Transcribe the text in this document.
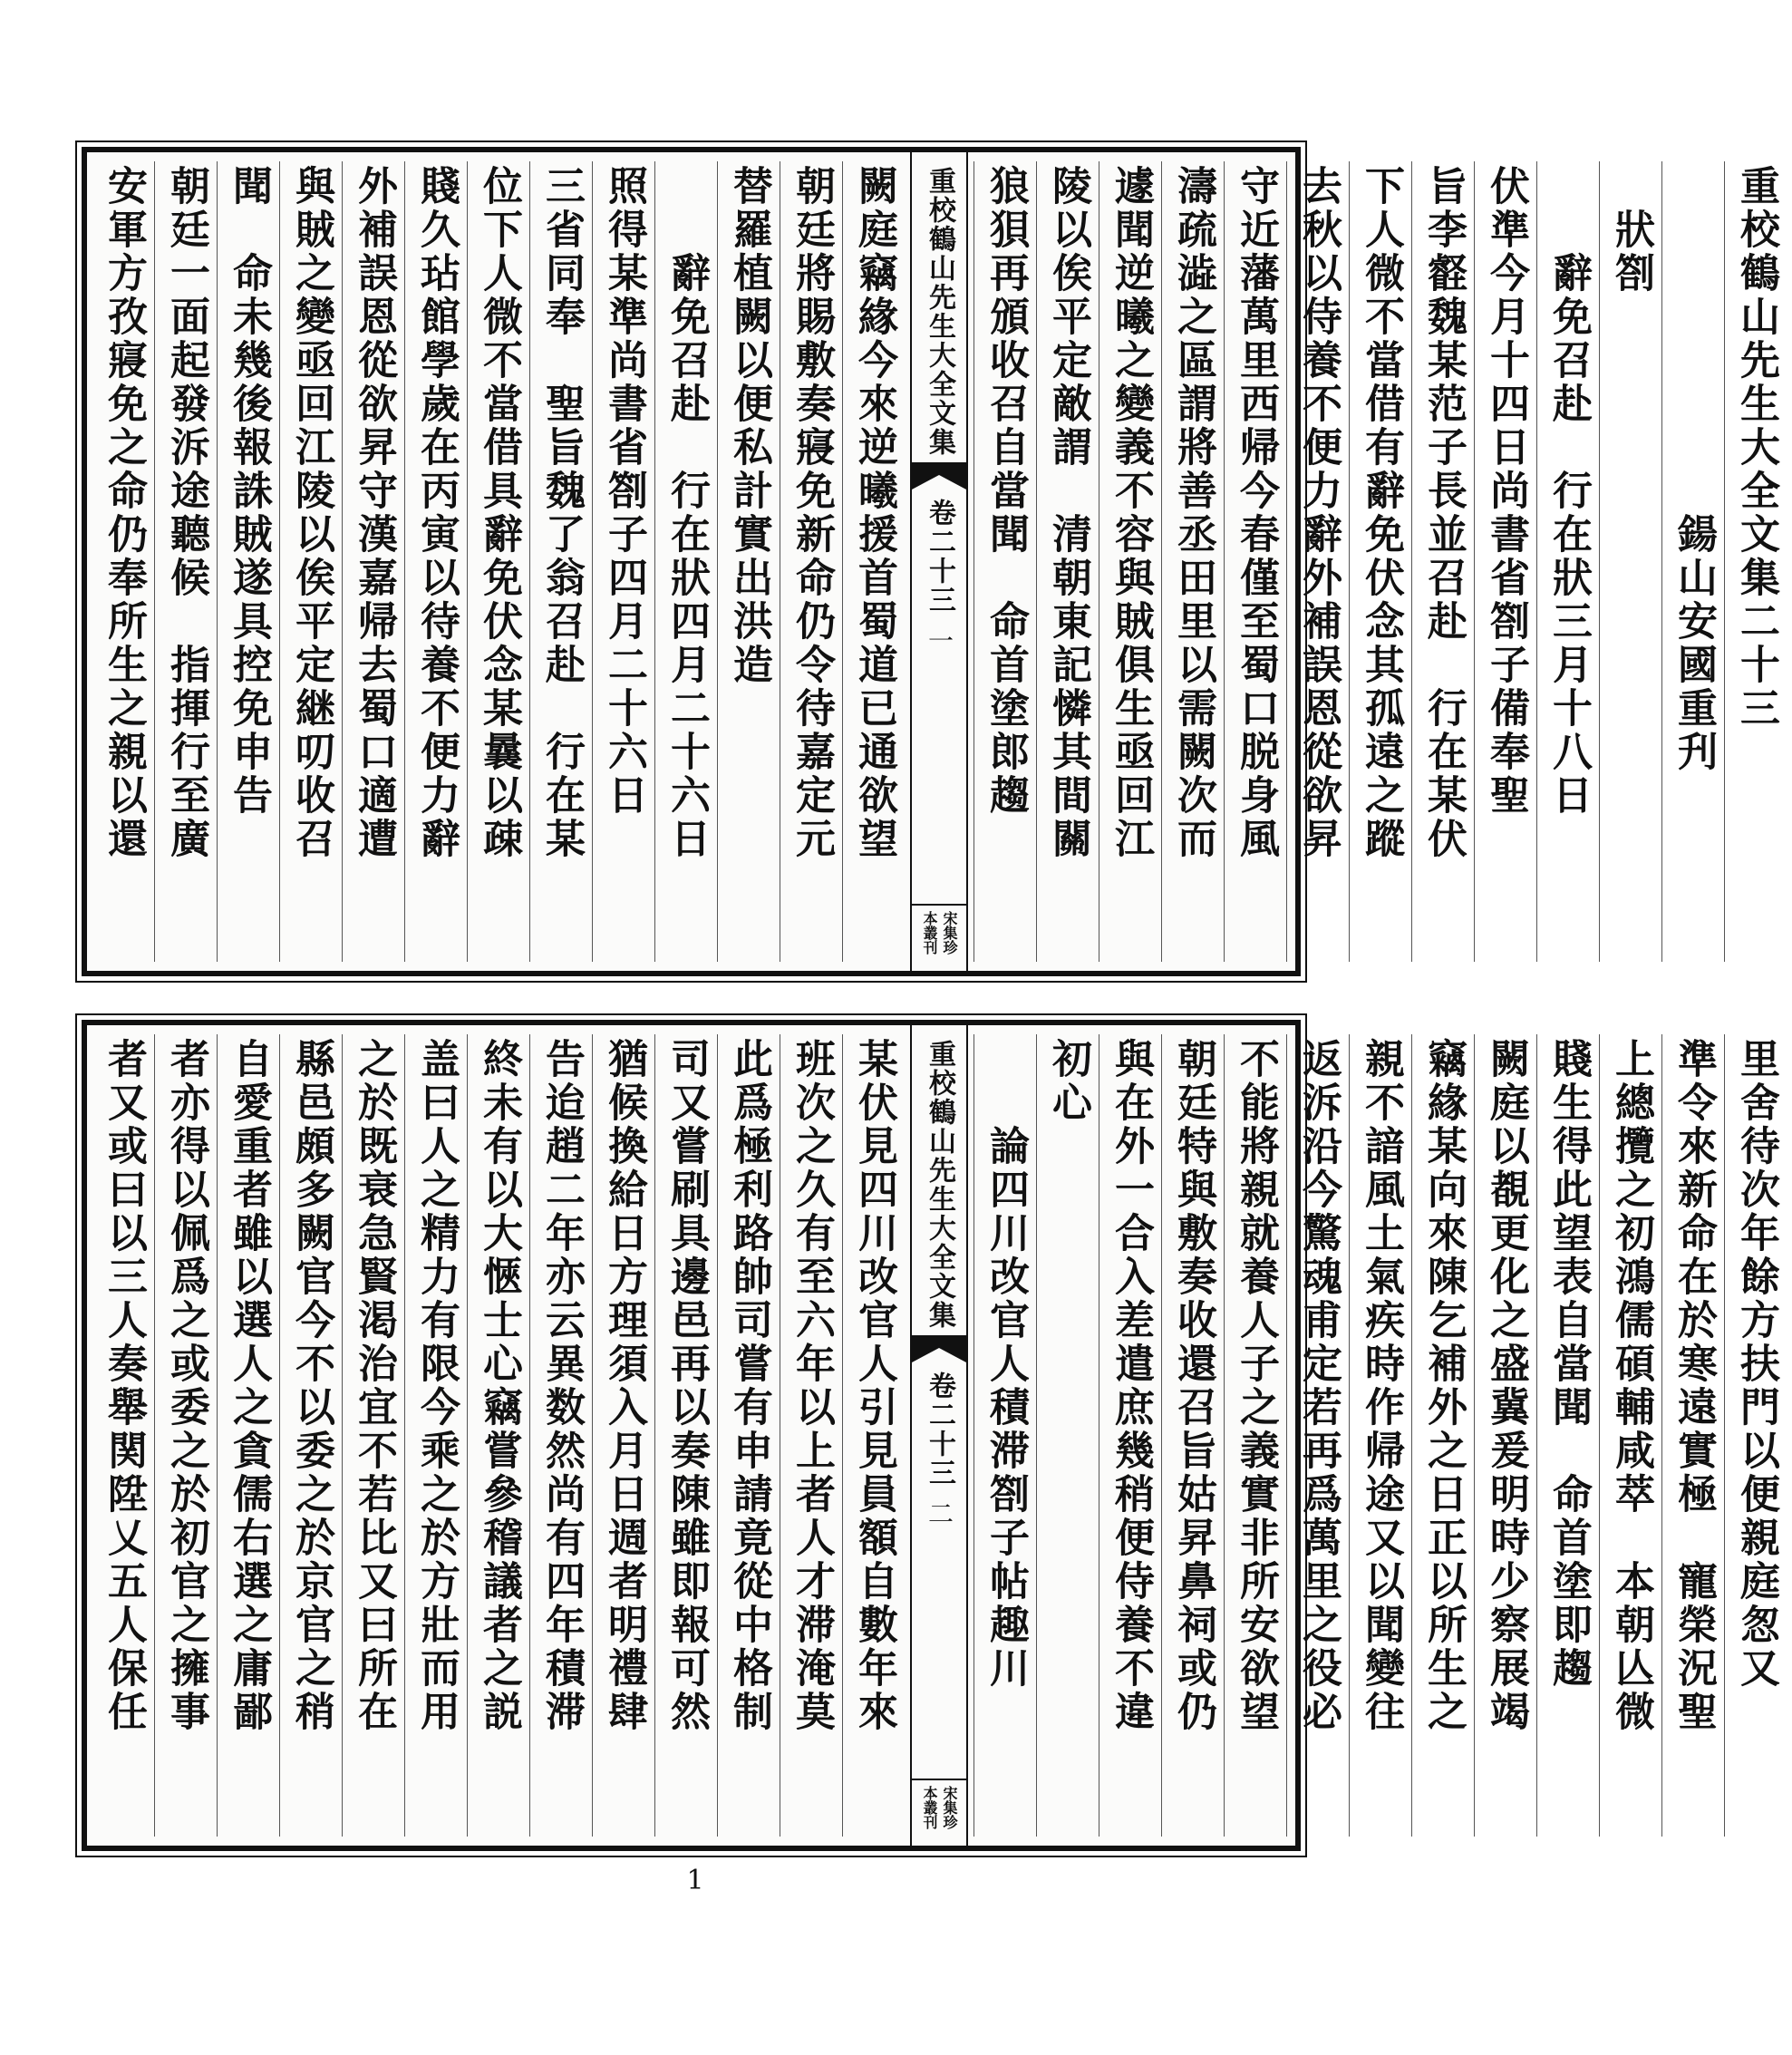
闕庭竊緣今來逆曦援首蜀道已通欲望
朝廷將賜敷奏寢免新命仍令待嘉定元
替羅植闕以便私計實出洪造
　　辭免召赴　行在狀四月二十六日
照得某準尚書省劄子四月二十六日
三省同奉　聖旨魏了翁召赴　行在某
位下人微不當借具辭免伏念某曩以疎
賤久玷館學歲在丙寅以待養不便力辭
外補誤恩從欲昇守漢嘉帰去蜀口適遭
與賊之變亟回江陵以俟平定継叨收召
聞　命未幾後報誅賊遂具控免申告
朝廷一面起發泝途聽候　指揮行至廣
安軍方孜寢免之命仍奉所生之親以還	重校鶴山先生大全文集
卷二十三
一
宋集珍
本叢刊
重校鶴山先生大全文集二十三
　　　　　　　　鍚山安國重刋
　狀劄
　　辭免召赴　行在狀三月十八日
伏準今月十四日尚書省劄子備奉聖
旨李壡魏某范子長並召赴　行在某伏
下人微不當借有辭免伏念其孤遠之蹤
去秋以侍養不便力辭外補誤恩從欲昇
守近藩萬里西帰今春僅至蜀口脱身風
濤疏澁之區謂將善丞田里以需闕次而
遽聞逆曦之變義不容與賊俱生亟回江
陵以俟平定敵謂　清朝東記憐其間關
狼狽再頒收召自當聞　命首塗郎趨
某伏見四川改官人引見員額自數年來
班次之久有至六年以上者人才滞淹莫
此爲極利路帥司嘗有申請竟從中格制
司又嘗刷具邊邑再以奏陳雖即報可然
猶候換給日方理須入月日週者明禮肆
告迨趙二年亦云異数然尚有四年積滞
終未有以大愜士心竊嘗參稽議者之説
盖曰人之精力有限今乘之於方壯而用
之於既衰急賢渇治宜不若比又曰所在
縣邑頗多闕官今不以委之於京官之稍
自愛重者雖以選人之貪儒右選之庸鄙
者亦得以佩爲之或委之於初官之擁事
者又或曰以三人奏舉関陞乂五人保任	重校鶴山先生大全文集
卷二十三
二
宋集珍
本叢刊
里舍待次年餘方扶門以便親庭怱又
準令來新命在於寒遠實極　寵榮況聖
上總攬之初鴻儒碩輔咸萃　本朝亾微
賤生得此望表自當聞　命首塗即趨
闕庭以覩更化之盛冀爰明時少察展竭
竊緣某向來陳乞補外之日正以所生之
親不諳風土氣疾時作帰途又以聞變往
返泝沿今驚魂甫定若再爲萬里之役必
不能將親就養人子之義實非所安欲望
朝廷特與敷奏收還召旨姑昇鼻祠或仍
與在外一合入差遣庶幾稍便侍養不違
初心
　　論四川改官人積滞劄子帖趣川
1
